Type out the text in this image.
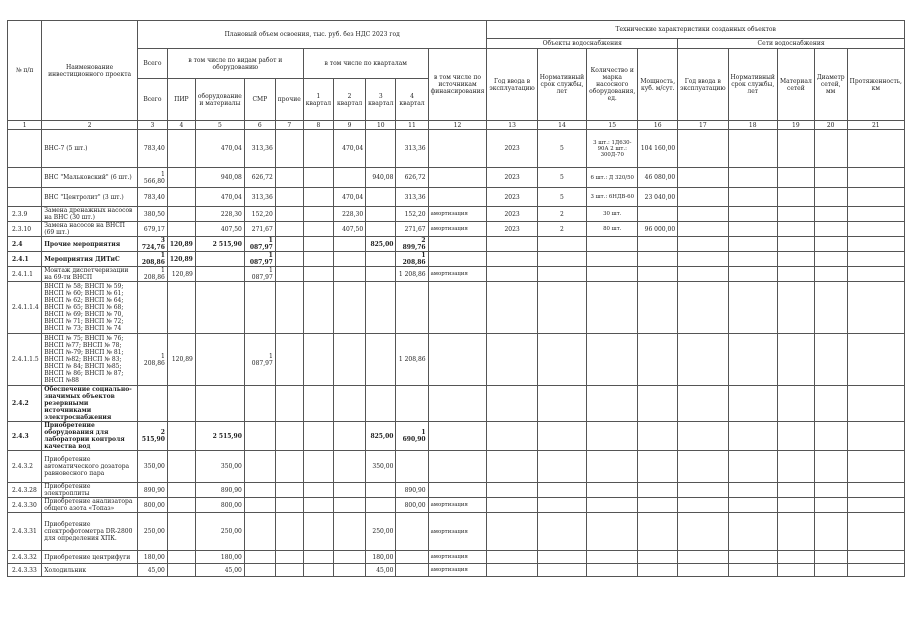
№ п/п	Наименование инвестиционного проекта	Плановый объем освоения, тыс. руб. без НДС 2023 год										Технические характеристики созданных объектов								
												Объекты водоснабжения				Сети водоснабжения				
		Всего	в том числе по видам работ и оборудованию				в том числе по кварталам				в том числе по источникам финансирования	Год ввода в эксплуатацию	Нормативный срок службы, лет	Количество и марка насосного оборудования, ед.	Мощность, куб. м/сут.	Год ввода в эксплуатацию	Нормативный срок службы, лет	Материал сетей	Диаметр сетей, мм	Протяженность, км
		Всего	ПИР	оборудование и материалы	СМР	прочие	1 квартал	2 квартал	3 квартал	4 квартал										
1	2	3	4	5	6	7	8	9	10	11	12	13	14	15	16	17	18	19	20	21
	ВНС-7 (5 шт.)	783,40		470,04	313,36			470,04		313,36		2023	5	3 шт.: 1Д630-90А 2 шт.: 300Д-70	104 160,00					
	ВНС "Мальковский" (6 шт.)	1 566,80		940,08	626,72				940,08	626,72		2023	5	6 шт.: Д 320/50	46 080,00					
	ВНС "Центролит" (3 шт.)	783,40		470,04	313,36			470,04		313,36		2023	5	3 шт.: 6НДВ-60	23 040,00					
2.3.9	Замена дренажных насосов на ВНС (30 шт.)	380,50		228,30	152,20			228,30		152,20	амортизация	2023	2	30 шт.						
2.3.10	Замена насосов на ВНСП (69 шт.)	679,17		407,50	271,67			407,50		271,67	амортизация	2023	2	80 шт.	96 000,00					
2.4	Прочие мероприятия	3 724,76	120,89	2 515,90	1 087,97				825,00	2 899,76										
2.4.1	Мероприятия ДИТиС	1 208,86	120,89		1 087,97					1 208,86										
2.4.1.1	Монтаж диспетчеризации на 69-ти ВНСП	1 208,86	120,89		1 087,97					1 208,86	амортизация									
2.4.1.1.4	ВНСП № 58; ВНСП № 59; ВНСП № 60; ВНСП № 61; ВНСП № 62; ВНСП № 64; ВНСП № 65; ВНСП № 68; ВНСП № 69; ВНСП № 70, ВНСП № 71; ВНСП № 72; ВНСП № 73; ВНСП № 74																			
2.4.1.1.5	ВНСП № 75; ВНСП № 76; ВНСП №77; ВНСП № 78; ВНСП №-79; ВНСП № 81; ВНСП №82; ВНСП № 83; ВНСП № 84; ВНСП №85; ВНСП № 86; ВНСП № 87; ВНСП №88	1 208,86	120,89		1 087,97					1 208,86										
2.4.2	Обеспечение социально-значимых объектов резервными источниками электроснабжения																			
2.4.3	Приобретение оборудования для лаборатории контроля качества вод	2 515,90		2 515,90					825,00	1 690,90										
2.4.3.2	Приобретение автоматического дозатора равновесного пара	350,00		350,00					350,00											
2.4.3.28	Приобретение электроплиты	890,90		890,90						890,90										
2.4.3.30	Приобретение анализатора общего азота «Топаз»	800,00		800,00						800,00	амортизация									
2.4.3.31	Приобретение спектрофотометра DR-2800 для определения ХПК.	250,00		250,00					250,00		амортизация									
2.4.3.32	Приобретение центрифуги	180,00		180,00					180,00		амортизация									
2.4.3.33	Холодильник	45,00		45,00					45,00		амортизация									
